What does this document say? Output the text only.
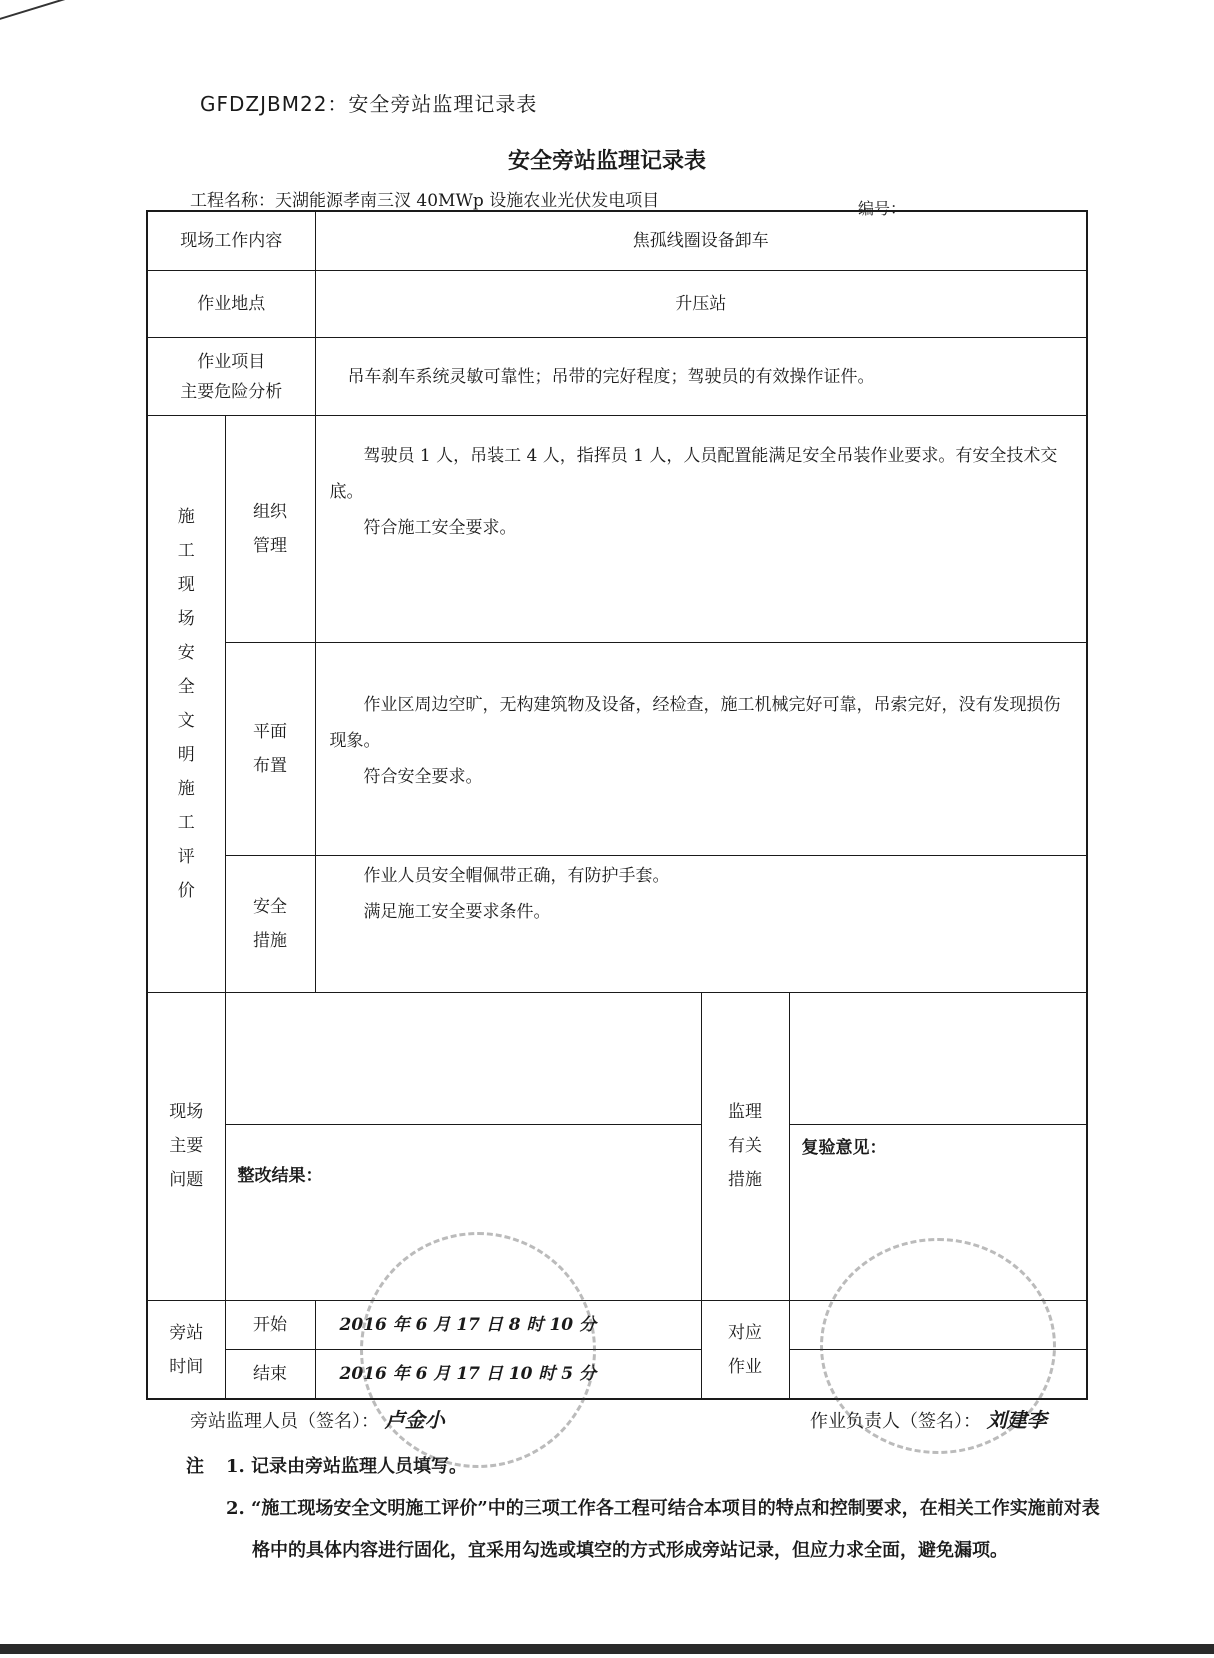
GFDZJBM22：安全旁站监理记录表
安全旁站监理记录表
工程名称：天湖能源孝南三汊 40MWp 设施农业光伏发电项目	编号：
现场工作内容		焦孤线圈设备卸车		
作业地点		升压站		

作业项目
主要危险分析		吊车刹车系统灵敏可靠性；吊带的完好程度；驾驶员的有效操作证件。		
施工现场安全文明施工评价	组织管理	驾驶员 1 人，吊装工 4 人，指挥员 1 人，人员配置能满足安全吊装作业要求。有安全技术交底。

符合施工安全要求。		

	平面布置	作业区周边空旷，无构建筑物及设备，经检查，施工机械完好可靠，吊索完好，没有发现损伤现象。

符合安全要求。		

	安全措施	作业人员安全帽佩带正确，有防护手套。

满足施工安全要求条件。		

现场主要问题			监理有关措施	
	整改结果：			复验意见：
旁站时间	开始	2016 年 6 月 17 日 8 时 10 分	对应作业	
	结束	2016 年 6 月 17 日 10 时 5 分		
旁站监理人员（签名）： 卢金小	作业负责人（签名）： 刘建李
注 1. 记录由旁站监理人员填写。
2. “施工现场安全文明施工评价”中的三项工作各工程可结合本项目的特点和控制要求，在相关工作实施前对表格中的具体内容进行固化，宜采用勾选或填空的方式形成旁站记录，但应力求全面，避免漏项。
